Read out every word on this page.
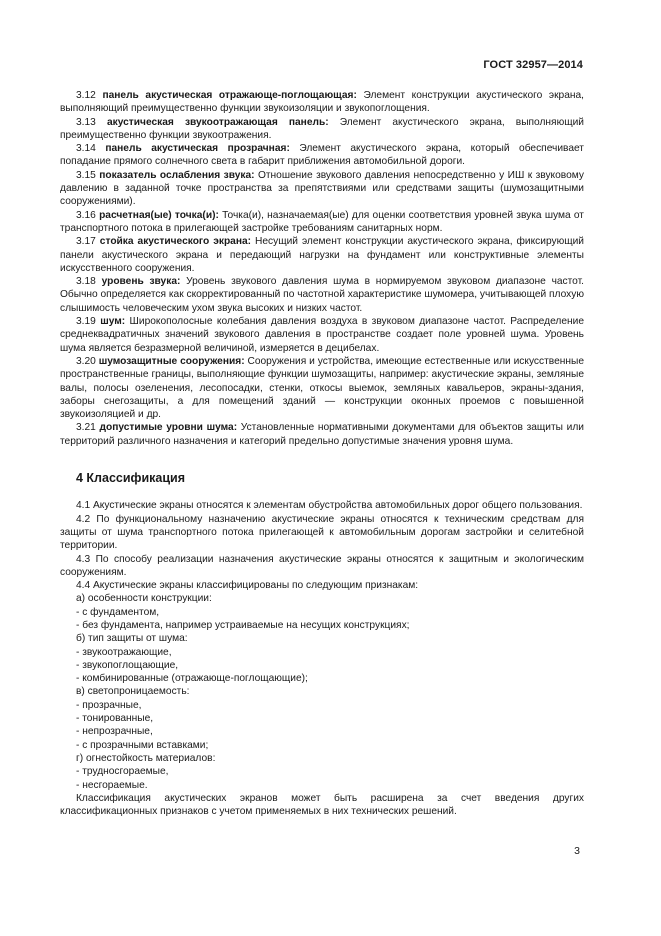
ГОСТ 32957—2014

3.12 панель акустическая отражающе-поглощающая: Элемент конструкции акустического экрана, выполняющий преимущественно функции звукоизоляции и звукопоглощения.

3.13 акустическая звукоотражающая панель: Элемент акустического экрана, выполняющий преимущественно функции звукоотражения.

3.14 панель акустическая прозрачная: Элемент акустического экрана, который обеспечивает попадание прямого солнечного света в габарит приближения автомобильной дороги.

3.15 показатель ослабления звука: Отношение звукового давления непосредственно у ИШ к звуковому давлению в заданной точке пространства за препятствиями или средствами защиты (шумозащитными сооружениями).

3.16 расчетная(ые) точка(и): Точка(и), назначаемая(ые) для оценки соответствия уровней звука шума от транспортного потока в прилегающей застройке требованиям санитарных норм.

3.17 стойка акустического экрана: Несущий элемент конструкции акустического экрана, фиксирующий панели акустического экрана и передающий нагрузки на фундамент или конструктивные элементы искусственного сооружения.

3.18 уровень звука: Уровень звукового давления шума в нормируемом звуковом диапазоне частот. Обычно определяется как скорректированный по частотной характеристике шумомера, учитывающей плохую слышимость человеческим ухом звука высоких и низких частот.

3.19 шум: Широкополосные колебания давления воздуха в звуковом диапазоне частот. Распределение среднеквадратичных значений звукового давления в пространстве создает поле уровней шума. Уровень шума является безразмерной величиной, измеряется в децибелах.

3.20 шумозащитные сооружения: Сооружения и устройства, имеющие естественные или искусственные пространственные границы, выполняющие функции шумозащиты, например: акустические экраны, земляные валы, полосы озеленения, лесопосадки, стенки, откосы выемок, земляных кавальеров, экраны-здания, заборы снегозащиты, а для помещений зданий — конструкции оконных проемов с повышенной звукоизоляцией и др.

3.21 допустимые уровни шума: Установленные нормативными документами для объектов защиты или территорий различного назначения и категорий предельно допустимые значения уровня шума.

4 Классификация

4.1 Акустические экраны относятся к элементам обустройства автомобильных дорог общего пользования.

4.2 По функциональному назначению акустические экраны относятся к техническим средствам для защиты от шума транспортного потока прилегающей к автомобильным дорогам застройки и селитебной территории.

4.3 По способу реализации назначения акустические экраны относятся к защитным и экологическим сооружениям.

4.4 Акустические экраны классифицированы по следующим признакам:

а) особенности конструкции:

- с фундаментом,

- без фундамента, например устраиваемые на несущих конструкциях;

б) тип защиты от шума:

- звукоотражающие,

- звукопоглощающие,

- комбинированные (отражающе-поглощающие);

в) светопроницаемость:

- прозрачные,

- тонированные,

- непрозрачные,

- с прозрачными вставками;

г) огнестойкость материалов:

- трудносгораемые,

- несгораемые.

Классификация акустических экранов может быть расширена за счет введения других классификационных признаков с учетом применяемых в них технических решений.

3
